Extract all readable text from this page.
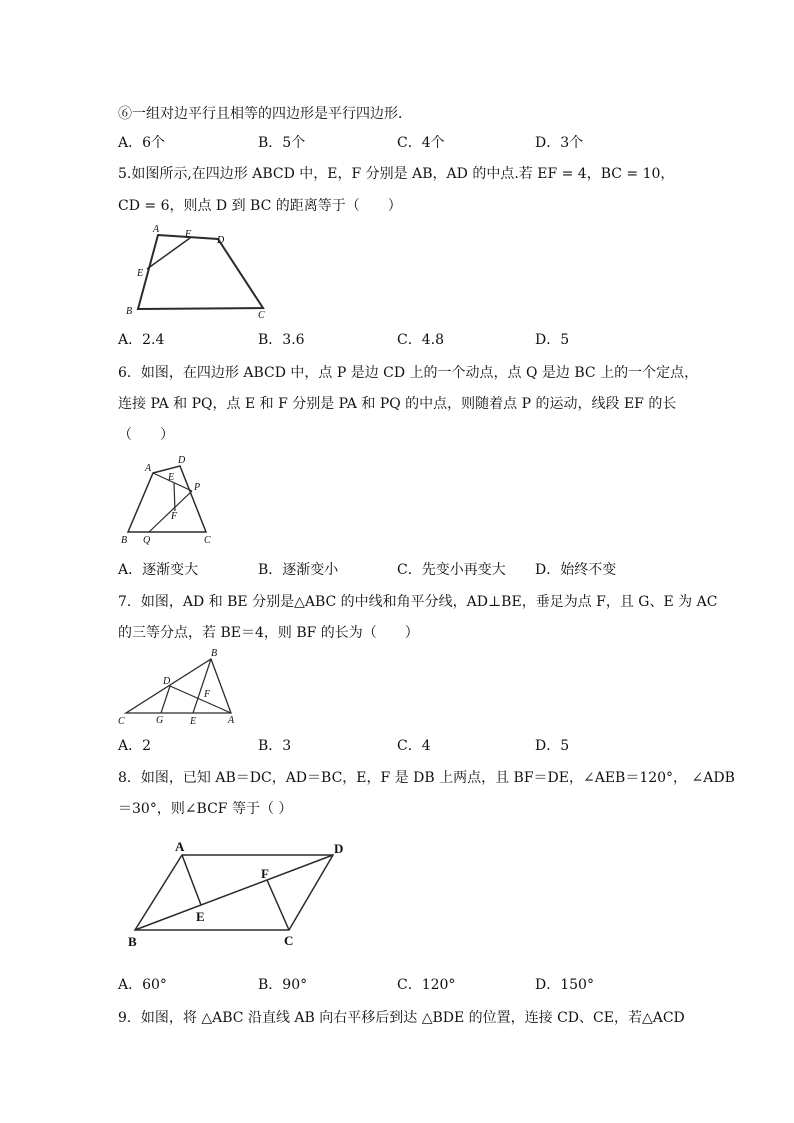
⑥一组对边平行且相等的四边形是平行四边形．
A．6个	B．5个	C．4个	D．3个
5.如图所示,在四边形 ABCD 中，E，F 分别是 AB，AD 的中点.若 EF = 4，BC = 10，
CD = 6，则点 D 到 BC 的距离等于（　　）
A	F
D
E
B	C
A．2.4	B．3.6	C．4.8	D．5
6．如图，在四边形 ABCD 中，点 P 是边 CD 上的一个动点，点 Q 是边 BC 上的一个定点，
连接 PA 和 PQ，点 E 和 F 分别是 PA 和 PQ 的中点，则随着点 P 的运动，线段 EF 的长
（　　）
A
D
E
P
F
B Q	C
A．逐渐变大	B．逐渐变小	C．先变小再变大 D．始终不变
7．如图，AD 和 BE 分别是△ABC 的中线和角平分线，AD⊥BE，垂足为点 F，且 G、E 为 AC
的三等分点，若 BE＝4，则 BF 的长为（　　）
B
D
F
C	G	E	A
A．2	B．3	C．4	D．5
8．如图，已知 AB＝DC，AD＝BC，E，F 是 DB 上两点，且 BF＝DE，∠AEB＝120°， ∠ADB
＝30°，则∠BCF 等于（ ）
A	D
F
E
B	C
A．60°	B．90°	C．120°	D．150°
9．如图，将 △ABC 沿直线 AB 向右平移后到达 △BDE 的位置，连接 CD、CE，若△ACD
